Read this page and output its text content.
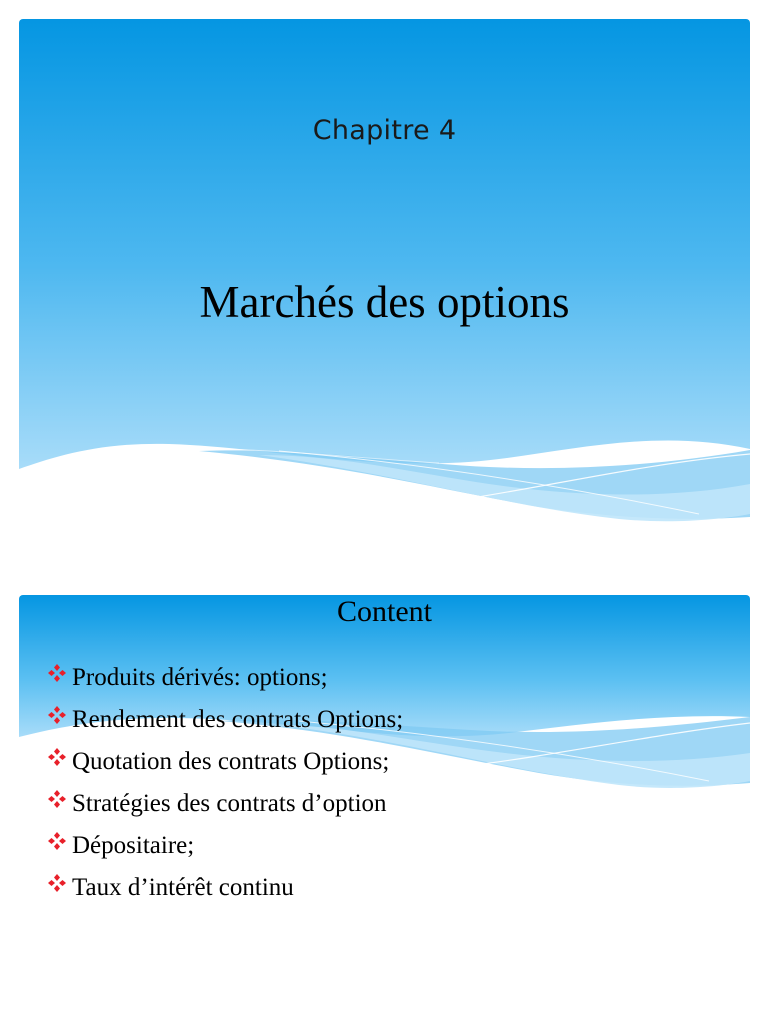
Chapitre 4
Marchés des options
Content
Produits dérivés: options;
Rendement des contrats Options;
Quotation des contrats Options;
Stratégies des contrats d’option
Dépositaire;
Taux d’intérêt continu
